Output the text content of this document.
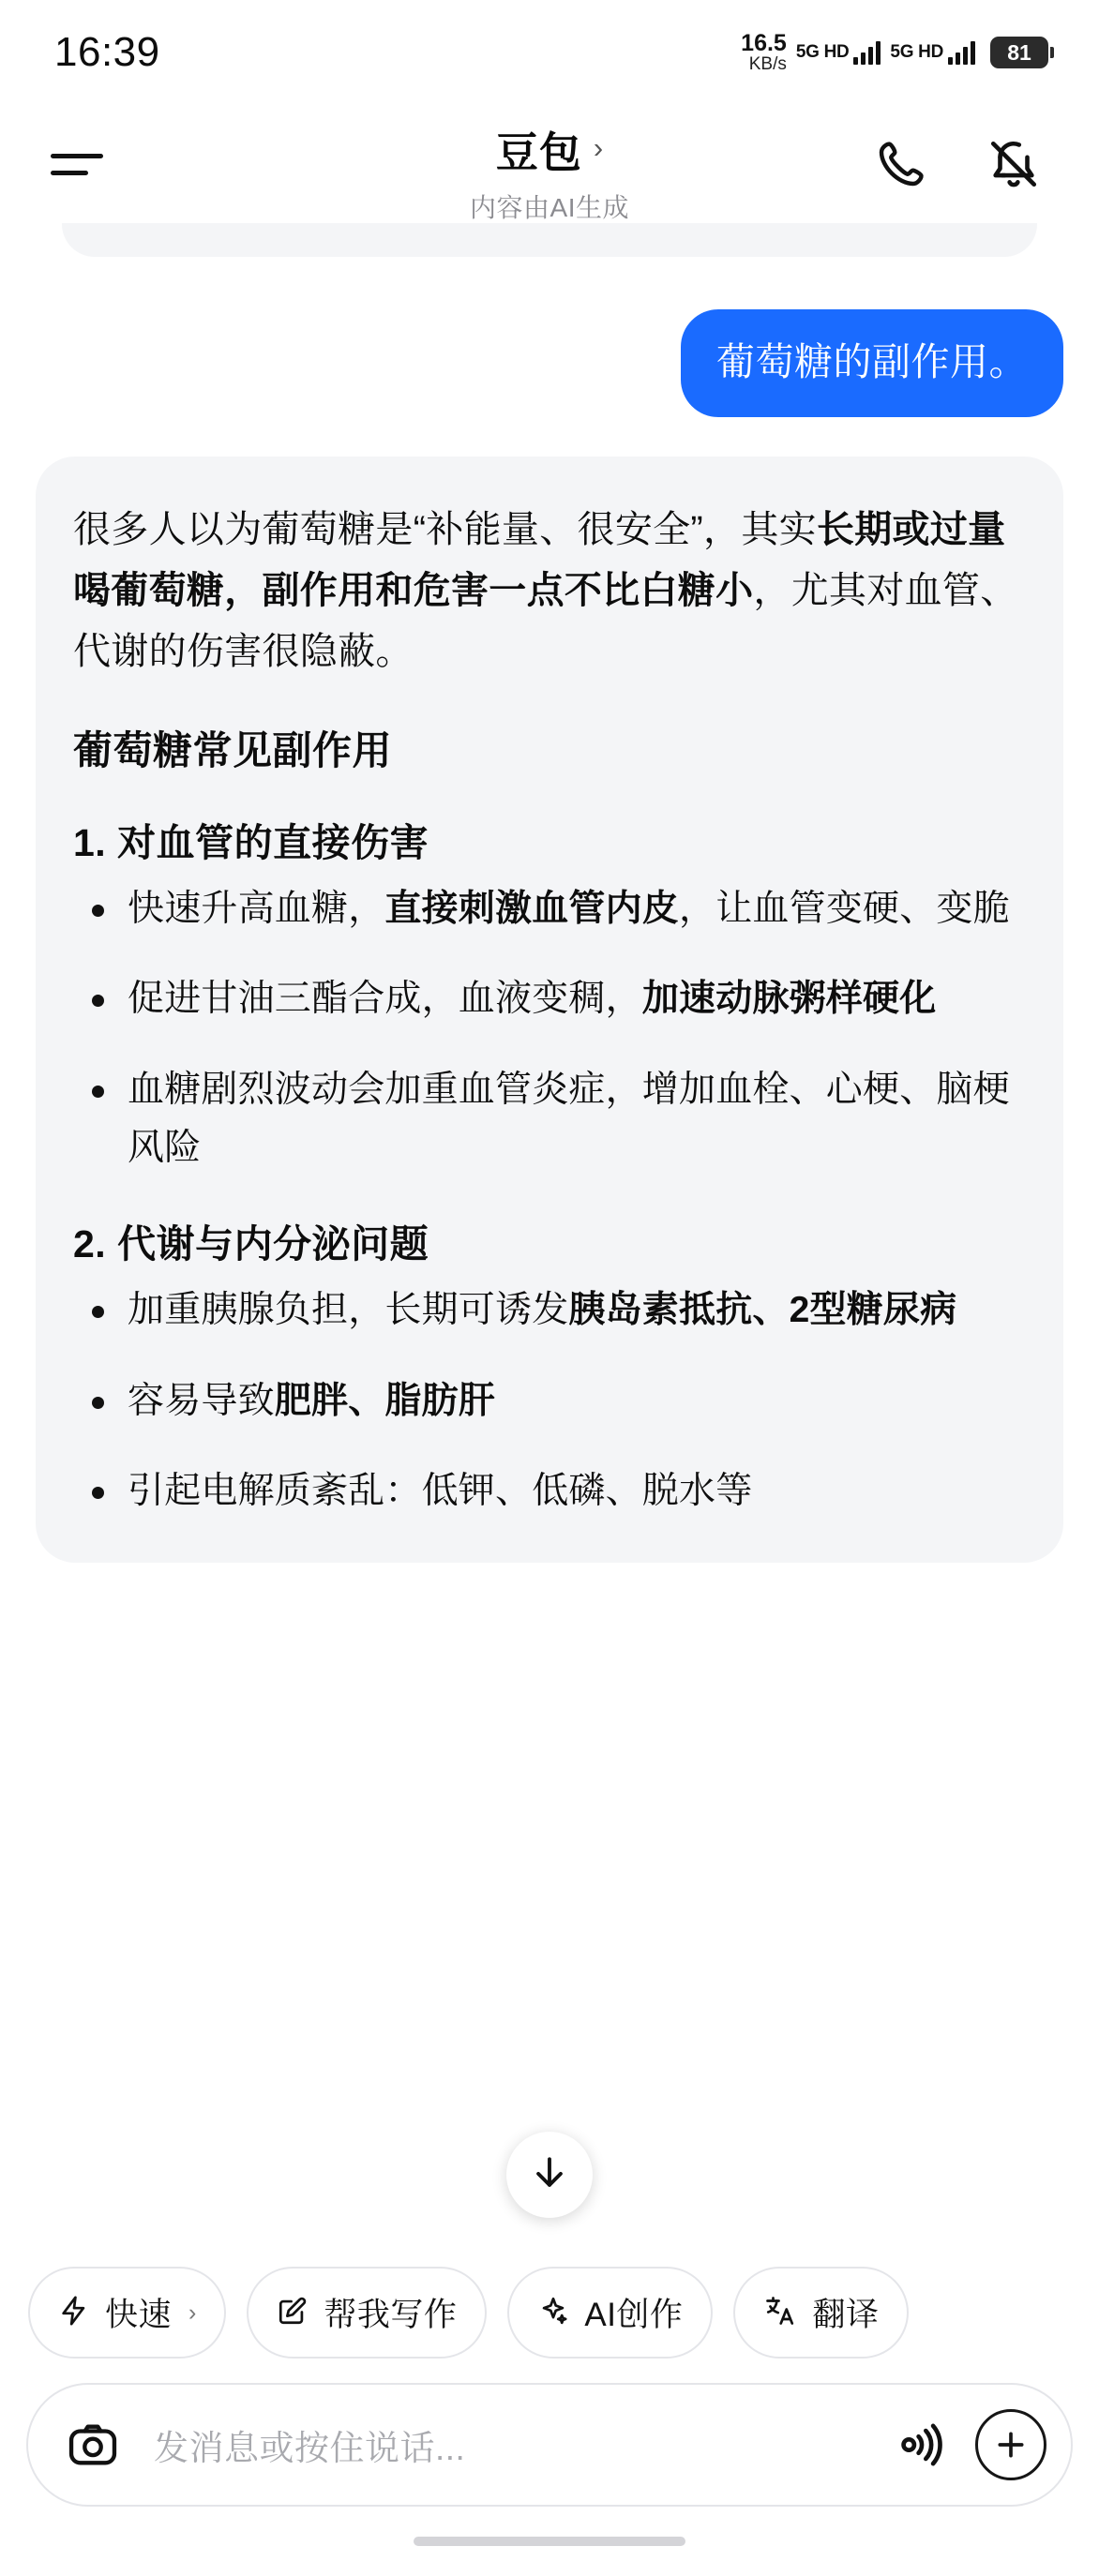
16:39	16.5
KB/s
5G HD 5G HD	81
豆包 ›
内容由AI生成
葡萄糖的副作用。

很多人以为葡萄糖是“补能量、很安全”，其实长期或过量喝葡萄糖，副作用和危害一点不比白糖小，尤其对血管、代谢的伤害很隐蔽。

葡萄糖常见副作用
1. 对血管的直接伤害
快速升高血糖，直接刺激血管内皮，让血管变硬、变脆
促进甘油三酯合成，血液变稠，加速动脉粥样硬化
血糖剧烈波动会加重血管炎症，增加血栓、心梗、脑梗风险
2. 代谢与内分泌问题
加重胰腺负担，长期可诱发胰岛素抵抗、2型糖尿病
容易导致肥胖、脂肪肝
引起电解质紊乱：低钾、低磷、脱水等
快速 ›	帮我写作	AI创作	翻译
发消息或按住说话...
